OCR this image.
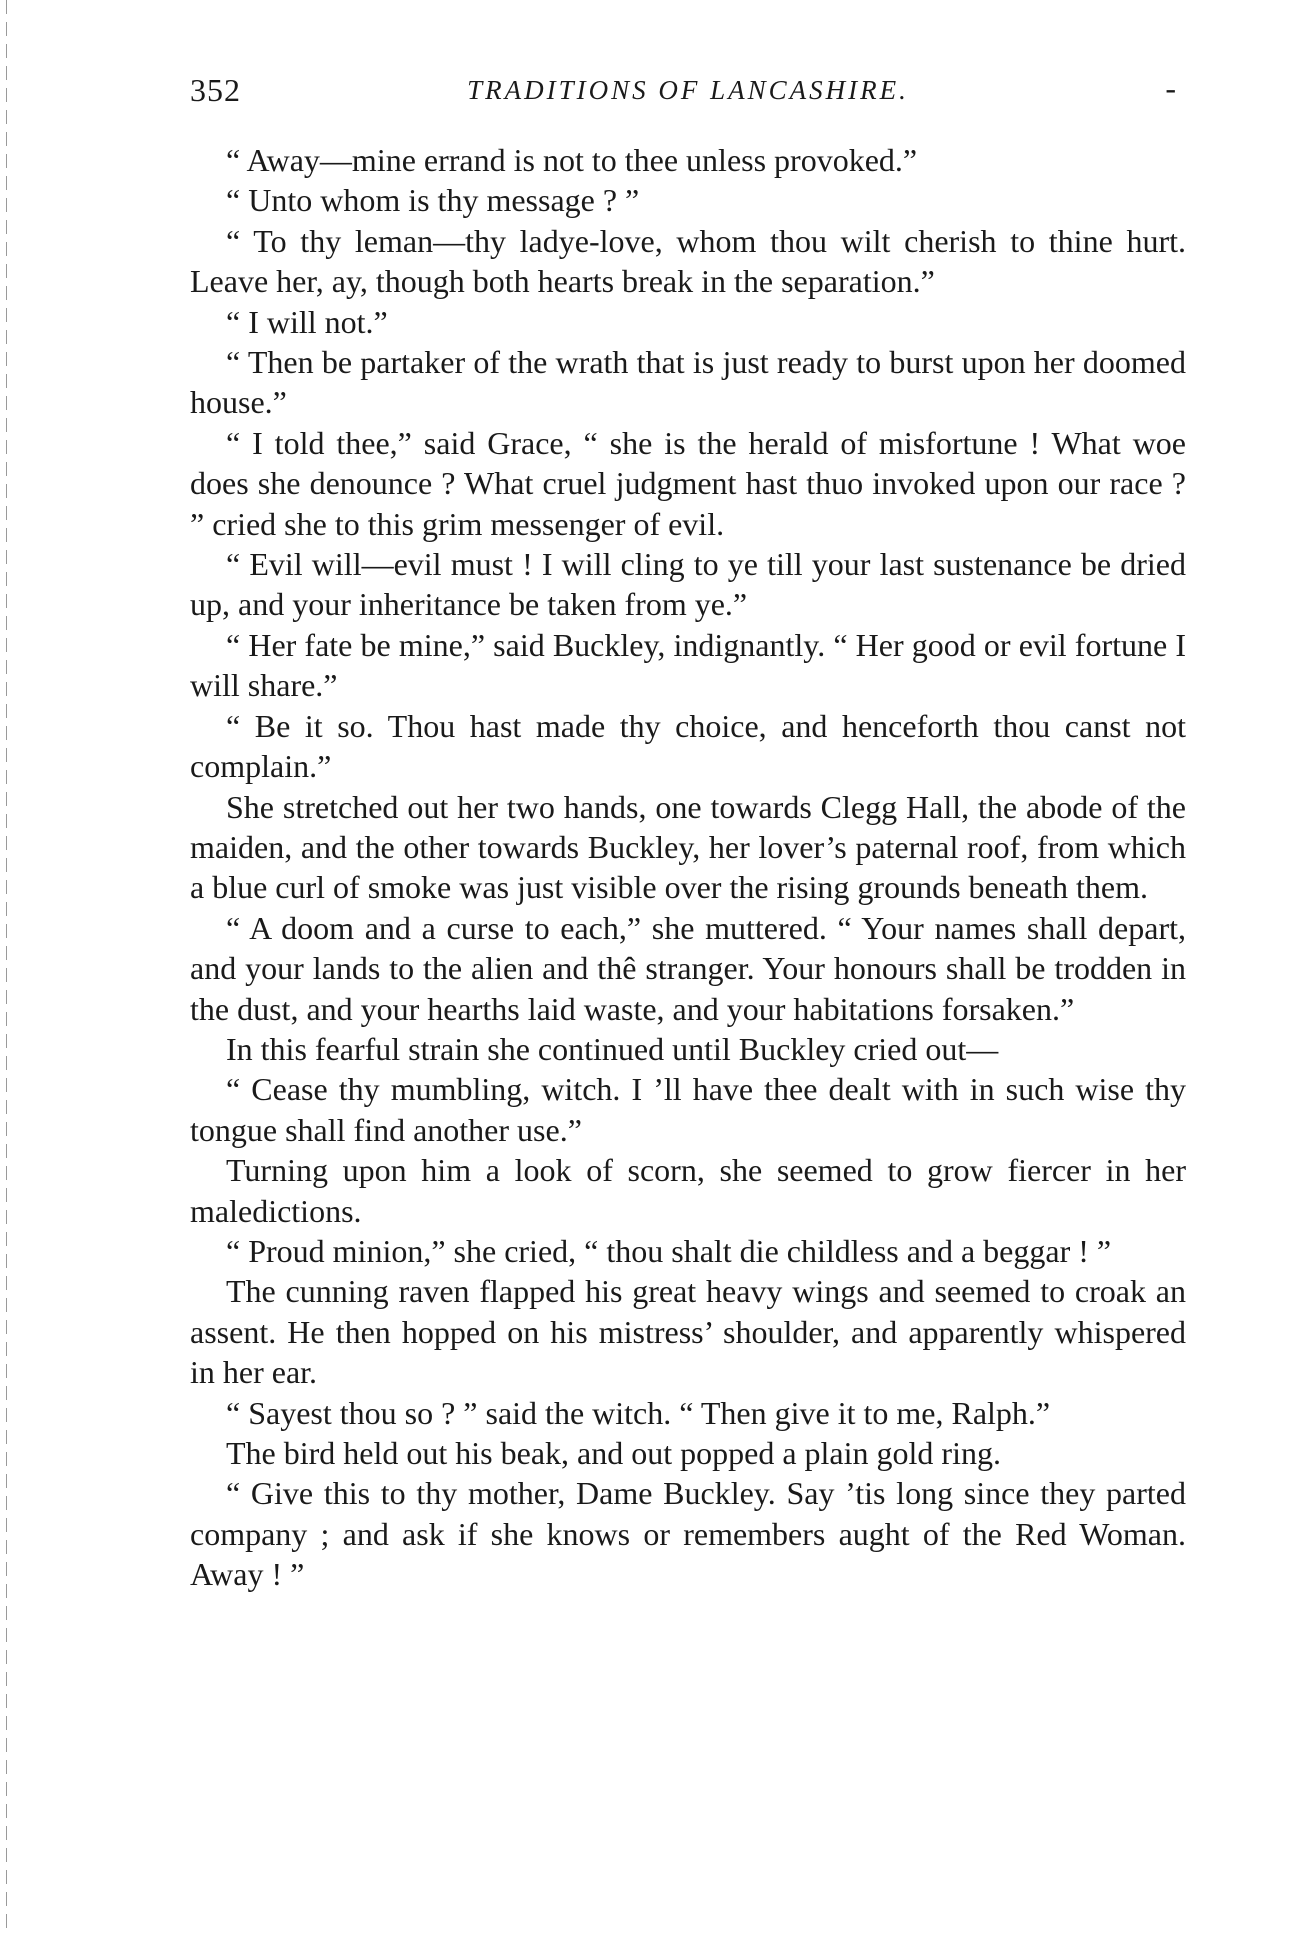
352	TRADITIONS OF LANCASHIRE.	-

“ Away—mine errand is not to thee unless provoked.”

“ Unto whom is thy message ? ”

“ To thy leman—thy ladye-love, whom thou wilt cherish to thine hurt. Leave her, ay, though both hearts break in the separation.”

“ I will not.”

“ Then be partaker of the wrath that is just ready to burst upon her doomed house.”

“ I told thee,” said Grace, “ she is the herald of misfortune ! What woe does she denounce ? What cruel judgment hast thuo invoked upon our race ? ” cried she to this grim messenger of evil.

“ Evil will—evil must ! I will cling to ye till your last sustenance be dried up, and your inheritance be taken from ye.”

“ Her fate be mine,” said Buckley, indignantly. “ Her good or evil fortune I will share.”

“ Be it so. Thou hast made thy choice, and henceforth thou canst not complain.”

She stretched out her two hands, one towards Clegg Hall, the abode of the maiden, and the other towards Buckley, her lover’s paternal roof, from which a blue curl of smoke was just visible over the rising grounds beneath them.

“ A doom and a curse to each,” she muttered. “ Your names shall depart, and your lands to the alien and thê stranger. Your honours shall be trodden in the dust, and your hearths laid waste, and your habitations forsaken.”

In this fearful strain she continued until Buckley cried out—

“ Cease thy mumbling, witch. I ’ll have thee dealt with in such wise thy tongue shall find another use.”

Turning upon him a look of scorn, she seemed to grow fiercer in her maledictions.

“ Proud minion,” she cried, “ thou shalt die childless and a beggar ! ”

The cunning raven flapped his great heavy wings and seemed to croak an assent. He then hopped on his mistress’ shoulder, and apparently whispered in her ear.

“ Sayest thou so ? ” said the witch. “ Then give it to me, Ralph.”

The bird held out his beak, and out popped a plain gold ring.

“ Give this to thy mother, Dame Buckley. Say ’tis long since they parted company ; and ask if she knows or remembers aught of the Red Woman. Away ! ”
